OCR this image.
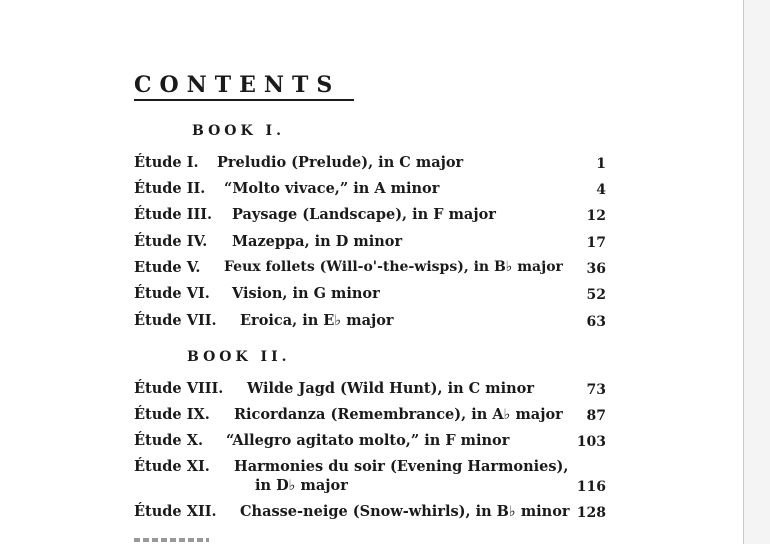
CONTENTS
BOOK I.
Étude I. Preludio (Prelude), in C major	1
Étude II. “Molto vivace,” in A minor	4
Étude III. Paysage (Landscape), in F major	12
Étude IV. Mazeppa, in D minor	17
Etude V. Feux follets (Will-o'-the-wisps), in B♭ major 36
Étude VI. Vision, in G minor	52
Étude VII. Eroica, in E♭ major	63
BOOK II.
Étude VIII. Wilde Jagd (Wild Hunt), in C minor	73
Étude IX. Ricordanza (Remembrance), in A♭ major 87
Étude X. “Allegro agitato molto,” in F minor	103
Étude XI. Harmonies du soir (Evening Harmonies),
in D♭ major	116
Étude XII. Chasse-neige (Snow-whirls), in B♭ minor 128
